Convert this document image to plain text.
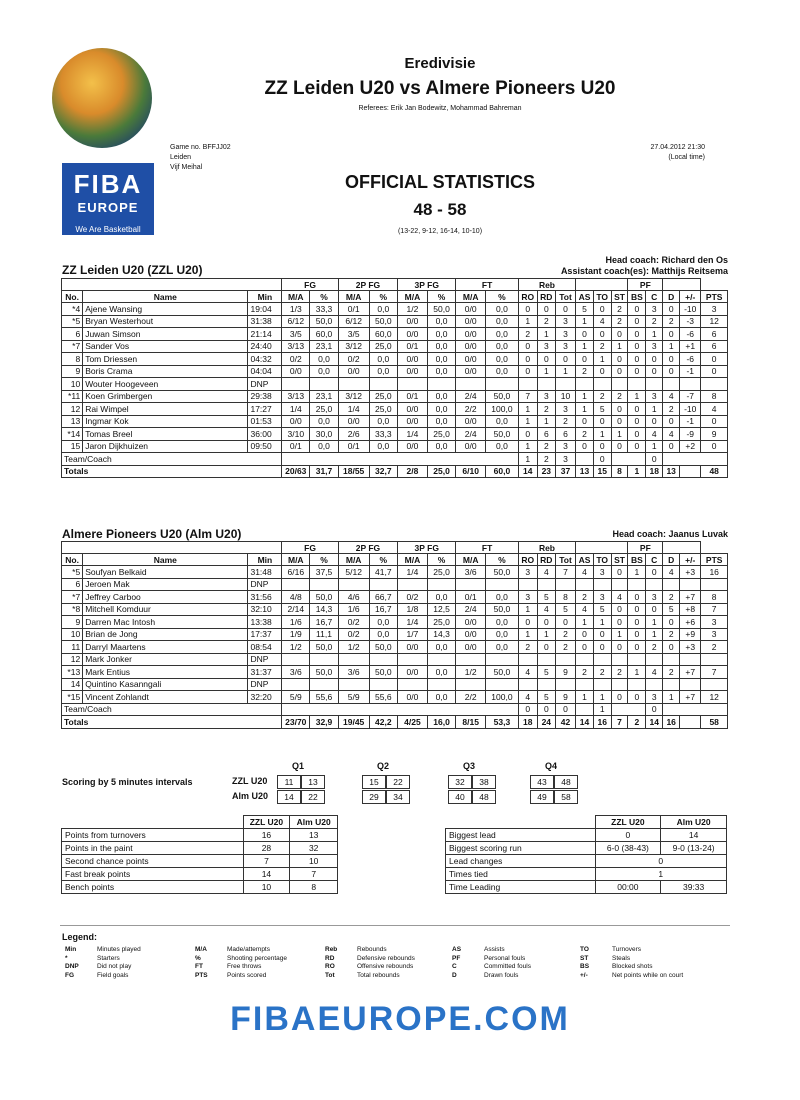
FIBA
EUROPE
We Are Basketball
Eredivisie
ZZ Leiden U20 vs Almere Pioneers U20
Referees: Erik Jan Bodewitz, Mohammad Bahreman
Game no. BFFJJ02
Leiden
Vijf Meihal
27.04.2012 21:30
(Local time)
OFFICIAL STATISTICS
48 - 58
(13-22, 9-12, 16-14, 10-10)
Head coach: Richard den Os
Assistant coach(es): Matthijs Reitsema
ZZ Leiden U20 (ZZL U20)
			FG		2P FG		3P FG		FT		Reb						PF				
No.	Name	Min	M/A	%	M/A	%	M/A	%	M/A	%	RO	RD	Tot	AS	TO	ST	BS	C	D	+/-	PTS
*4	Ajene Wansing	19:04	1/3	33,3	0/1	0,0	1/2	50,0	0/0	0,0	0	0	0	5	0	2	0	3	0	-10	3
*5	Bryan Westerhout	31:38	6/12	50,0	6/12	50,0	0/0	0,0	0/0	0,0	1	2	3	1	4	2	0	2	2	-3	12
6	Juwan Simson	21:14	3/5	60,0	3/5	60,0	0/0	0,0	0/0	0,0	2	1	3	0	0	0	0	1	0	-6	6
*7	Sander Vos	24:40	3/13	23,1	3/12	25,0	0/1	0,0	0/0	0,0	0	3	3	1	2	1	0	3	1	+1	6
8	Tom Driessen	04:32	0/2	0,0	0/2	0,0	0/0	0,0	0/0	0,0	0	0	0	0	1	0	0	0	0	-6	0
9	Boris Crama	04:04	0/0	0,0	0/0	0,0	0/0	0,0	0/0	0,0	0	1	1	2	0	0	0	0	0	-1	0
10	Wouter Hoogeveen	DNP																			
*11	Koen Grimbergen	29:38	3/13	23,1	3/12	25,0	0/1	0,0	2/4	50,0	7	3	10	1	2	2	1	3	4	-7	8
12	Rai Wimpel	17:27	1/4	25,0	1/4	25,0	0/0	0,0	2/2	100,0	1	2	3	1	5	0	0	1	2	-10	4
13	Ingmar Kok	01:53	0/0	0,0	0/0	0,0	0/0	0,0	0/0	0,0	1	1	2	0	0	0	0	0	0	-1	0
*14	Tomas Breel	36:00	3/10	30,0	2/6	33,3	1/4	25,0	2/4	50,0	0	6	6	2	1	1	0	4	4	-9	9
15	Jaron Dijkhuizen	09:50	0/1	0,0	0/1	0,0	0/0	0,0	0/0	0,0	1	2	3	0	0	0	0	1	0	+2	0
Team/Coach											1	2	3		0			0			
Totals			20/63	31,7	18/55	32,7	2/8	25,0	6/10	60,0	14	23	37	13	15	8	1	18	13		48
Head coach: Jaanus Luvak
Almere Pioneers U20 (Alm U20)
			FG		2P FG		3P FG		FT		Reb						PF				
No.	Name	Min	M/A	%	M/A	%	M/A	%	M/A	%	RO	RD	Tot	AS	TO	ST	BS	C	D	+/-	PTS
*5	Soufyan Belkaid	31:48	6/16	37,5	5/12	41,7	1/4	25,0	3/6	50,0	3	4	7	4	3	0	1	0	4	+3	16
6	Jeroen Mak	DNP																			
*7	Jeffrey Carboo	31:56	4/8	50,0	4/6	66,7	0/2	0,0	0/1	0,0	3	5	8	2	3	4	0	3	2	+7	8
*8	Mitchell Komduur	32:10	2/14	14,3	1/6	16,7	1/8	12,5	2/4	50,0	1	4	5	4	5	0	0	0	5	+8	7
9	Darren Mac Intosh	13:38	1/6	16,7	0/2	0,0	1/4	25,0	0/0	0,0	0	0	0	1	1	0	0	1	0	+6	3
10	Brian de Jong	17:37	1/9	11,1	0/2	0,0	1/7	14,3	0/0	0,0	1	1	2	0	0	1	0	1	2	+9	3
11	Darryl Maartens	08:54	1/2	50,0	1/2	50,0	0/0	0,0	0/0	0,0	2	0	2	0	0	0	0	2	0	+3	2
12	Mark Jonker	DNP																			
*13	Mark Entius	31:37	3/6	50,0	3/6	50,0	0/0	0,0	1/2	50,0	4	5	9	2	2	2	1	4	2	+7	7
14	Quintino Kasanngali	DNP																			
*15	Vincent Zohlandt	32:20	5/9	55,6	5/9	55,6	0/0	0,0	2/2	100,0	4	5	9	1	1	0	0	3	1	+7	12
Team/Coach											0	0	0		1			0			
Totals			23/70	32,9	19/45	42,2	4/25	16,0	8/15	53,3	18	24	42	14	16	7	2	14	16		58
Scoring by 5 minutes intervals
Q1	Q2	Q3	Q4
ZZL U20	11	13	15	22	32	38	43	48
Alm U20	14	22	29	34	40	48	49	58
	ZZL U20	Alm U20
Points from turnovers	16	13
Points in the paint	28	32
Second chance points	7	10
Fast break points	14	7
Bench points	10	8
	ZZL U20	Alm U20
Biggest lead	0	14
Biggest scoring run	6-0 (38-43)	9-0 (13-24)
Lead changes	0	
Times tied	1	
Time Leading	00:00	39:33
Legend:
Min	Minutes played
*	Starters
DNP	Did not play
FG	Field goals
M/A	Made/attempts
%	Shooting percentage
FT	Free throws
PTS	Points scored
Reb	Rebounds
RD	Defensive rebounds
RO	Offensive rebounds
Tot	Total rebounds
AS	Assists
PF	Personal fouls
C	Committed fouls
D	Drawn fouls
TO	Turnovers
ST	Steals
BS	Blocked shots
+/-	Net points while on court
FIBAEUROPE.COM
